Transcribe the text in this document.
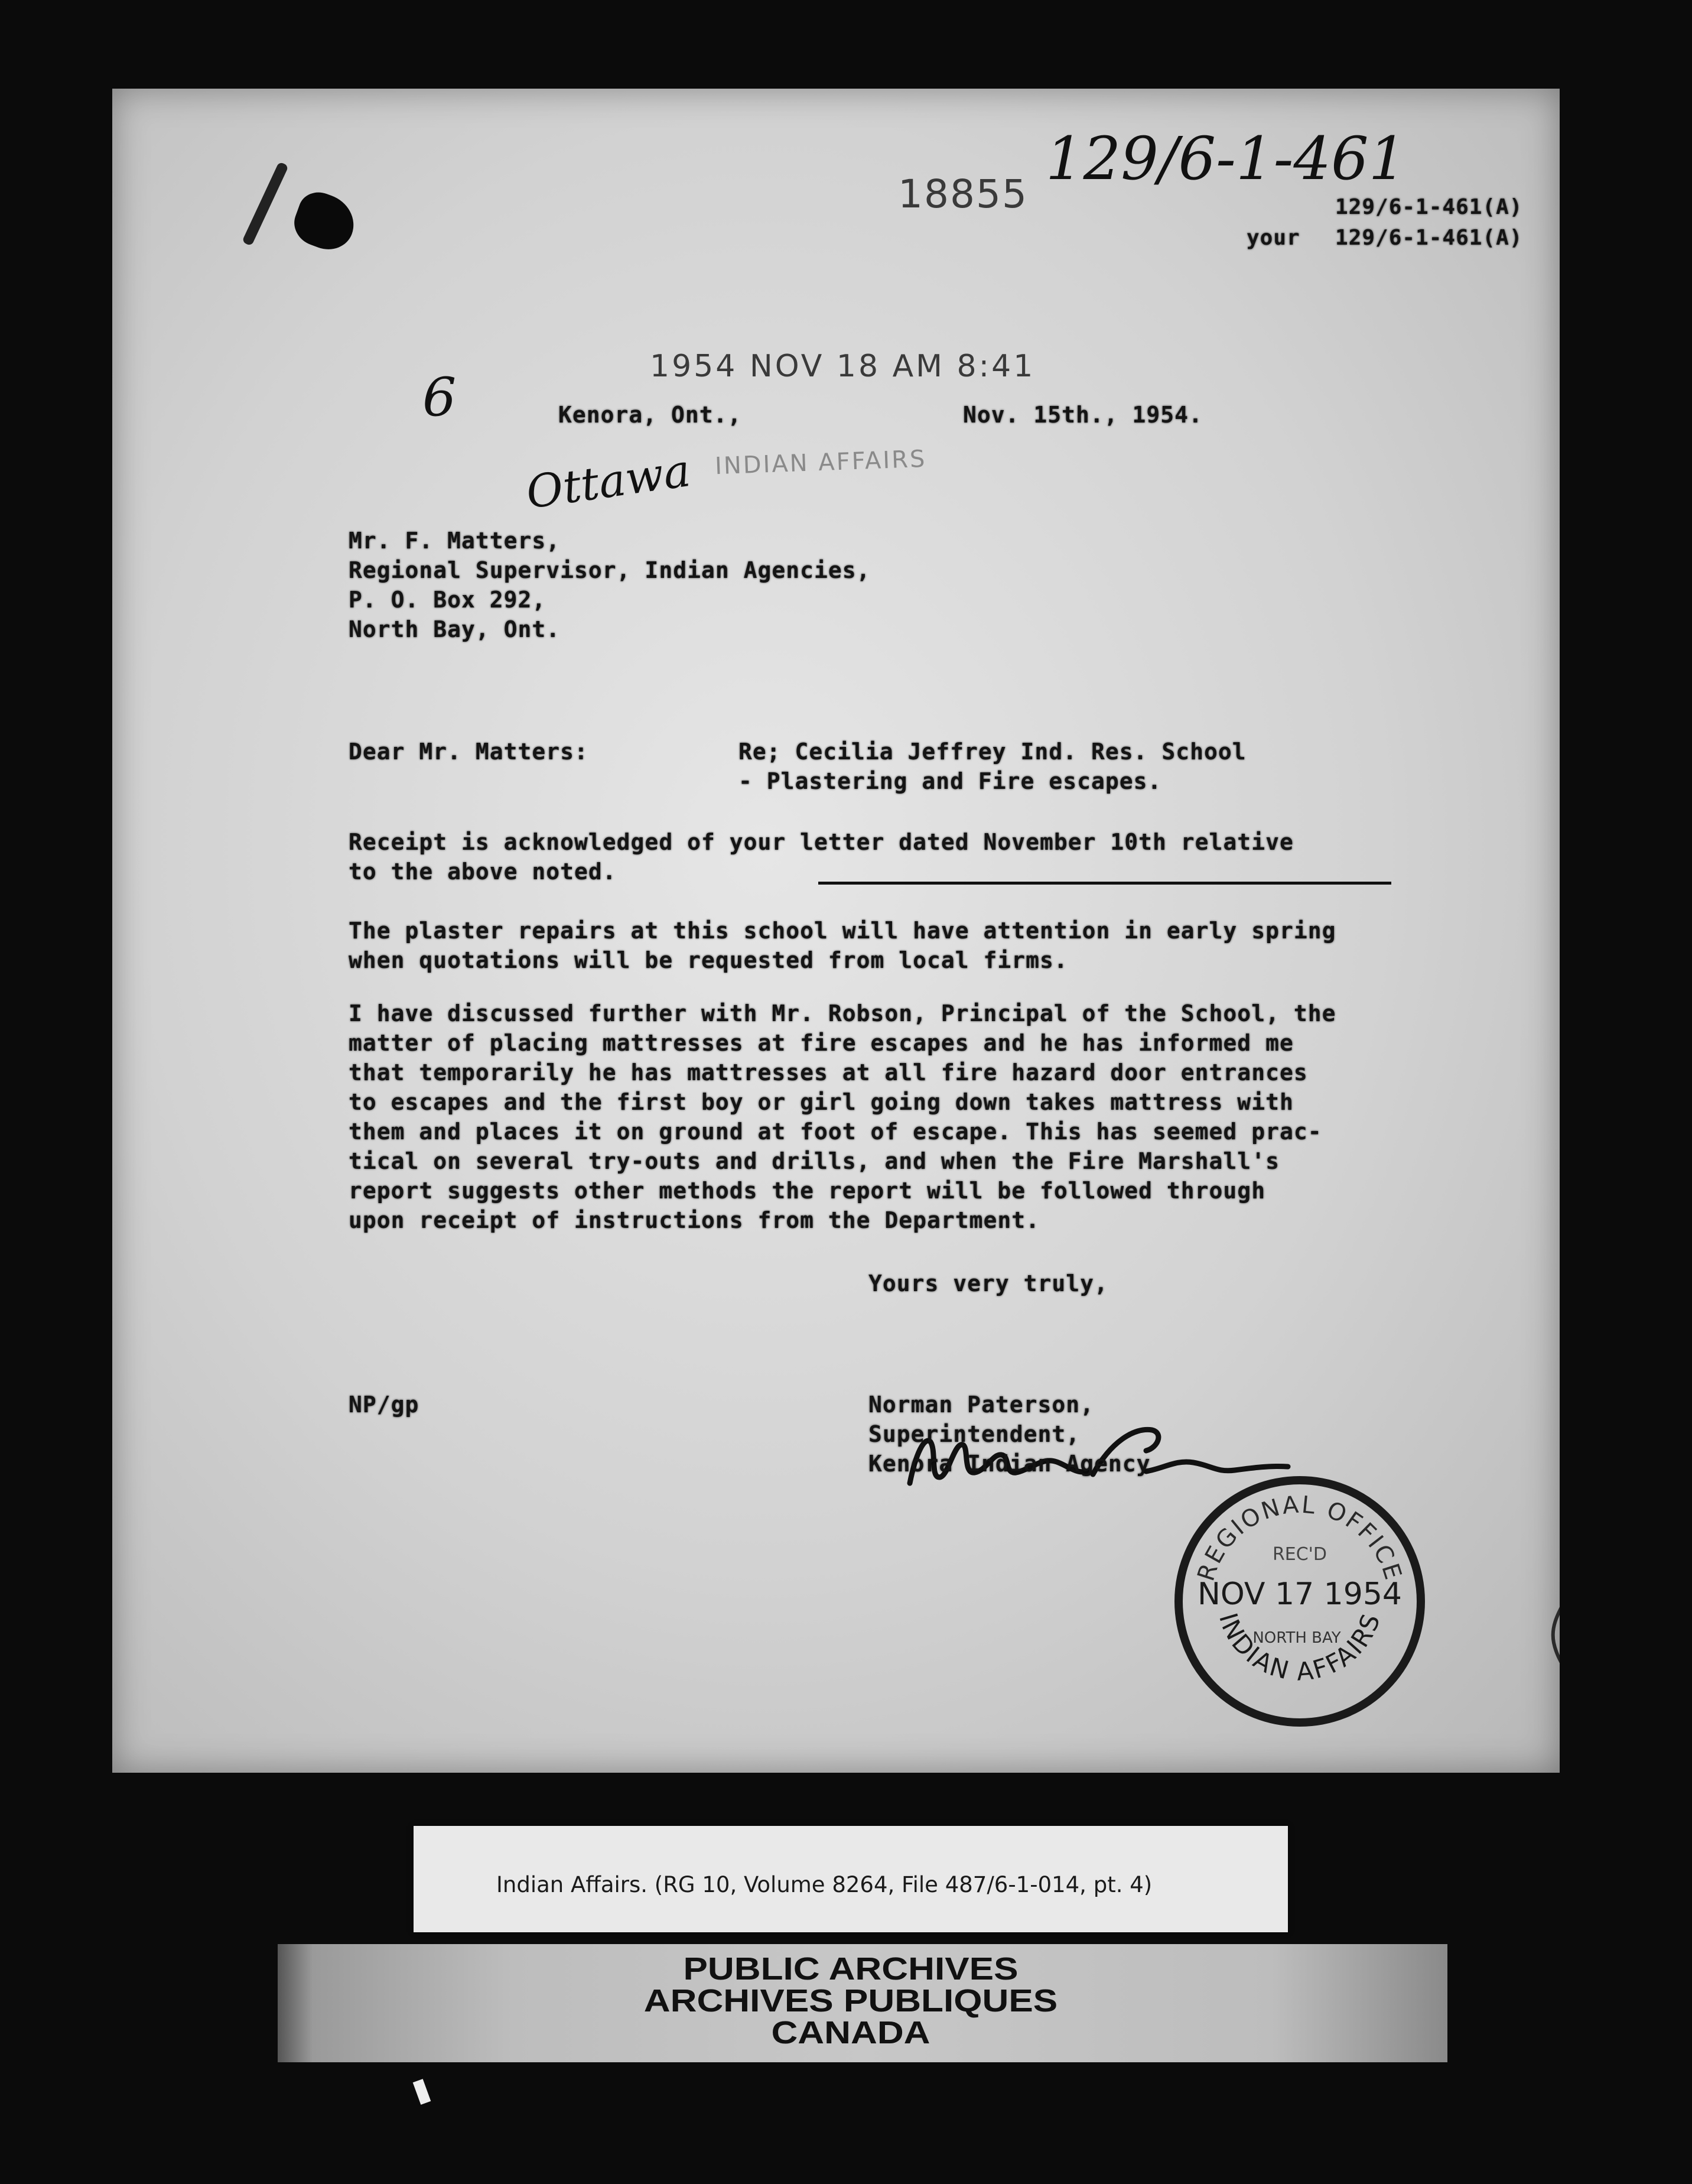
18855
129/6-1-461
129/6-1-461(A)
your 129/6-1-461(A)
6
Ottawa
1954 NOV 18 AM 8:41
INDIAN AFFAIRS
Kenora, Ont.,	Nov. 15th., 1954.
Mr. F. Matters,
Regional Supervisor, Indian Agencies,
P. O. Box 292,
North Bay, Ont.
Dear Mr. Matters:	Re; Cecilia Jeffrey Ind. Res. School
- Plastering and Fire escapes.
Receipt is acknowledged of your letter dated November 10th relative
to the above noted.
The plaster repairs at this school will have attention in early spring
when quotations will be requested from local firms.
I have discussed further with Mr. Robson, Principal of the School, the
matter of placing mattresses at fire escapes and he has informed me
that temporarily he has mattresses at all fire hazard door entrances
to escapes and the first boy or girl going down takes mattress with
them and places it on ground at foot of escape. This has seemed prac-
tical on several try-outs and drills, and when the Fire Marshall's
report suggests other methods the report will be followed through
upon receipt of instructions from the Department.
Yours very truly,
Norman Paterson,
Superintendent,
Kenora Indian Agency
NP/gp
REGIONAL OFFICE
REC'D
NOV 17 1954
NORTH BAY
INDIAN AFFAIRS
Indian Affairs. (RG 10, Volume 8264, File 487/6-1-014, pt. 4)
PUBLIC ARCHIVES
ARCHIVES PUBLIQUES
CANADA
